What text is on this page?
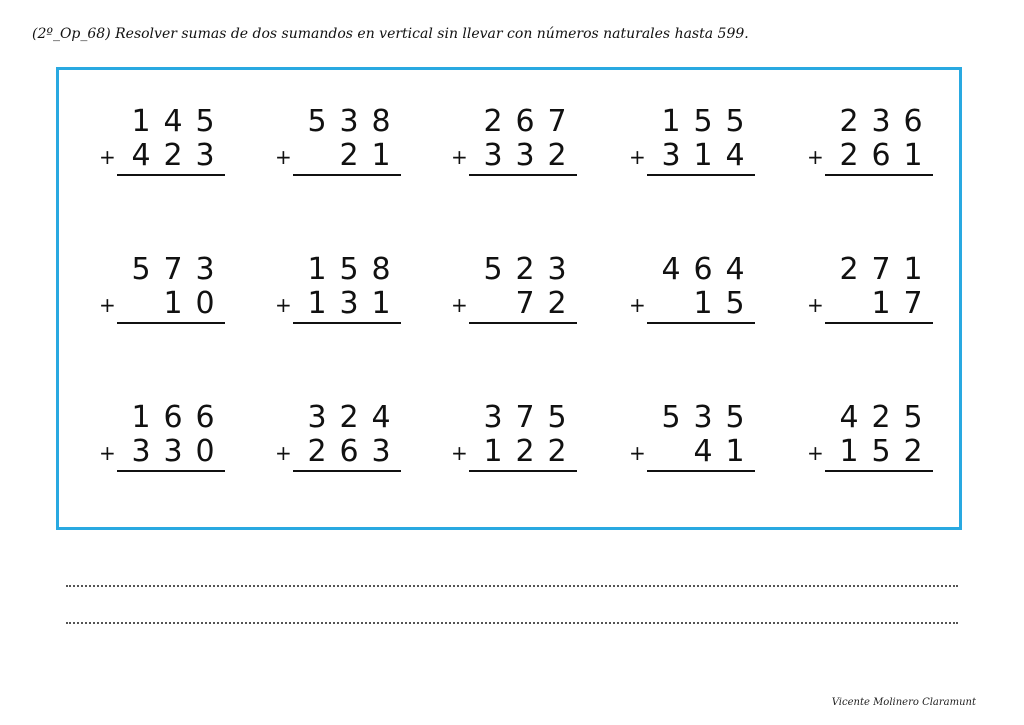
(2º_Op_68) Resolver sumas de dos sumandos en vertical sin llevar con números naturales hasta 599.
1 4 5
4 2 3
+
5 3 8
2 1
+
2 6 7
3 3 2
+
1 5 5
3 1 4
+
2 3 6
2 6 1
+
5 7 3
1 0
+
1 5 8
1 3 1
+
5 2 3
7 2
+
4 6 4
1 5
+
2 7 1
1 7
+
1 6 6
3 3 0
+
3 2 4
2 6 3
+
3 7 5
1 2 2
+
5 3 5
4 1
+
4 2 5
1 5 2
+
Vicente Molinero Claramunt
